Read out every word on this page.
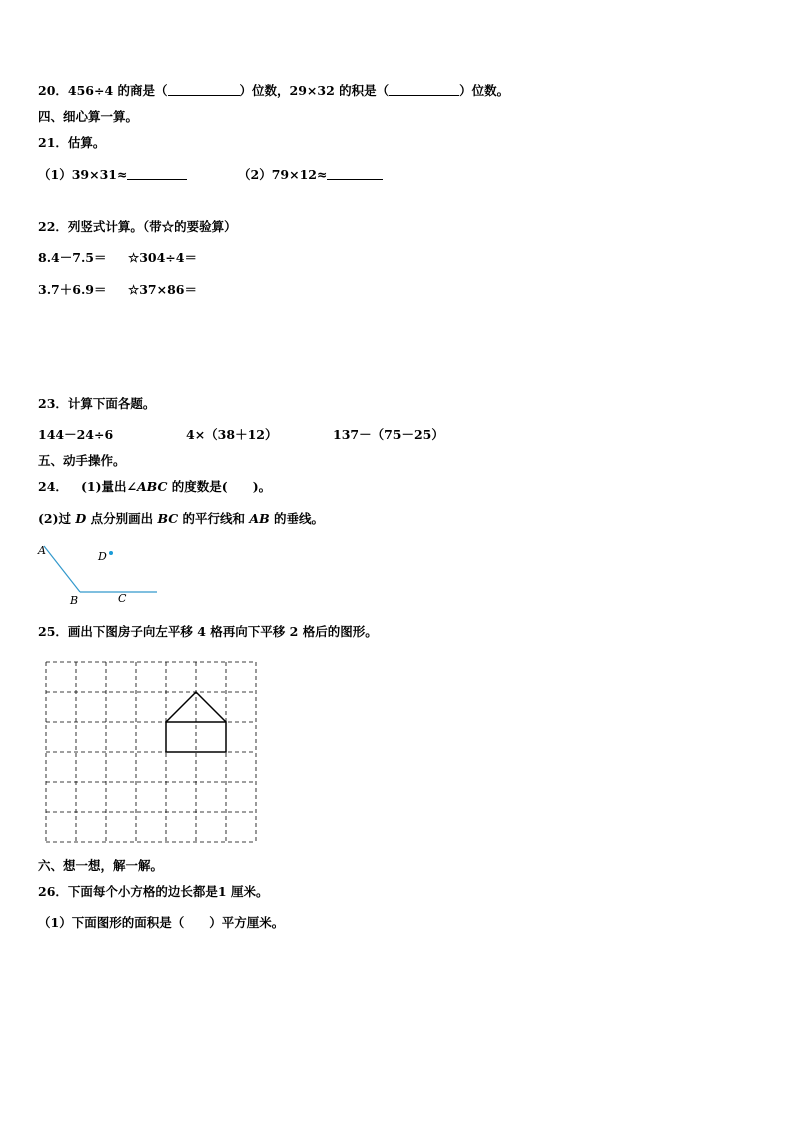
20．456÷4 的商是（	）位数，29×32 的积是（	）位数。
四、细心算一算。
21．估算。
（1）39×31≈	（2）79×12≈
22．列竖式计算。（带☆的要验算）
8.4－7.5＝ ☆304÷4＝
3.7＋6.9＝ ☆37×86＝
23．计算下面各题。
144－24÷6	4×（38＋12）	137－（75－25）
五、动手操作。
24． (1)量出∠ABC 的度数是(　　)。
(2)过 D 点分别画出 BC 的平行线和 AB 的垂线。
A
B	C
D
25．画出下图房子向左平移 4 格再向下平移 2 格后的图形。
六、想一想，解一解。
26．下面每个小方格的边长都是1 厘米。
（1）下面图形的面积是（　　）平方厘米。
